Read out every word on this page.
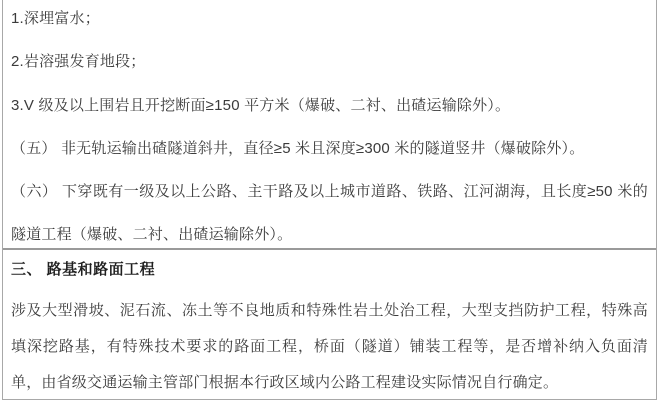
1.深埋富水；

2.岩溶强发育地段；

3.V 级及以上围岩且开挖断面≥150 平方米（爆破、二衬、出碴运输除外）。

（五） 非无轨运输出碴隧道斜井，直径≥5 米且深度≥300 米的隧道竖井（爆破除外）。

（六） 下穿既有一级及以上公路、主干路及以上城市道路、铁路、江河湖海，且长度≥50 米的隧道工程（爆破、二衬、出碴运输除外）。

三、 路基和路面工程

涉及大型滑坡、泥石流、冻土等不良地质和特殊性岩土处治工程，大型支挡防护工程，特殊高填深挖路基，有特殊技术要求的路面工程，桥面（隧道）铺装工程等，是否增补纳入负面清单，由省级交通运输主管部门根据本行政区域内公路工程建设实际情况自行确定。
